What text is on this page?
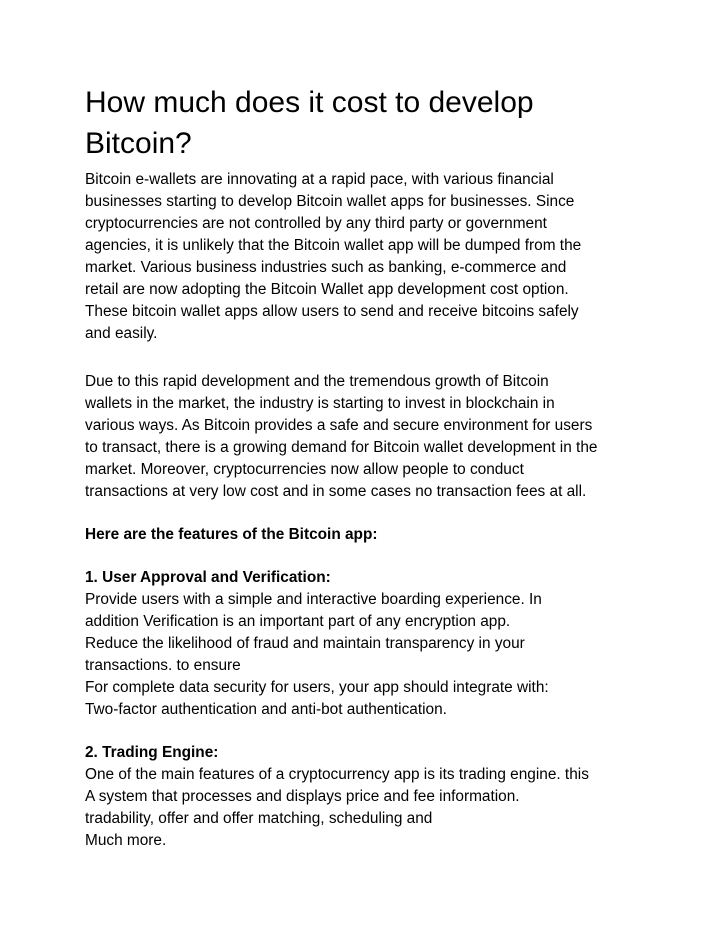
How much does it cost to develop
Bitcoin?

Bitcoin e-wallets are innovating at a rapid pace, with various financial
businesses starting to develop Bitcoin wallet apps for businesses. Since
cryptocurrencies are not controlled by any third party or government
agencies, it is unlikely that the Bitcoin wallet app will be dumped from the
market. Various business industries such as banking, e-commerce and
retail are now adopting the Bitcoin Wallet app development cost option.
These bitcoin wallet apps allow users to send and receive bitcoins safely
and easily.

Due to this rapid development and the tremendous growth of Bitcoin
wallets in the market, the industry is starting to invest in blockchain in
various ways. As Bitcoin provides a safe and secure environment for users
to transact, there is a growing demand for Bitcoin wallet development in the
market. Moreover, cryptocurrencies now allow people to conduct
transactions at very low cost and in some cases no transaction fees at all.

Here are the features of the Bitcoin app:

1. User Approval and Verification:

Provide users with a simple and interactive boarding experience. In
addition Verification is an important part of any encryption app.
Reduce the likelihood of fraud and maintain transparency in your
transactions. to ensure
For complete data security for users, your app should integrate with:
Two-factor authentication and anti-bot authentication.

2. Trading Engine:

One of the main features of a cryptocurrency app is its trading engine. this
A system that processes and displays price and fee information.
tradability, offer and offer matching, scheduling and
Much more.
